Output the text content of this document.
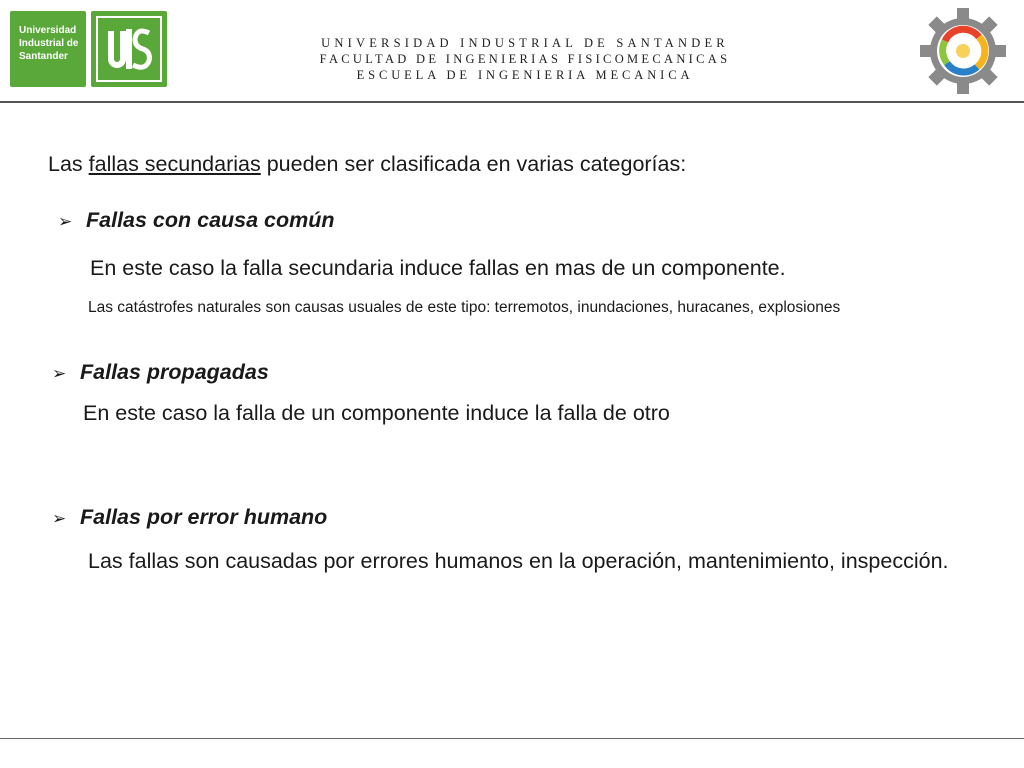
Universidad
Industrial de
Santander
UNIVERSIDAD INDUSTRIAL DE SANTANDER
FACULTAD DE INGENIERIAS FISICOMECANICAS
ESCUELA DE INGENIERIA MECANICA
Las fallas secundarias pueden ser clasificada en varias categorías:
➢ Fallas con causa común
En este caso la falla secundaria induce fallas en mas de un componente.
Las catástrofes naturales son causas usuales de este tipo: terremotos, inundaciones, huracanes, explosiones
➢ Fallas propagadas
En este caso la falla de un componente induce la falla de otro
➢ Fallas por error humano
Las fallas son causadas por errores humanos en la operación, mantenimiento, inspección.
